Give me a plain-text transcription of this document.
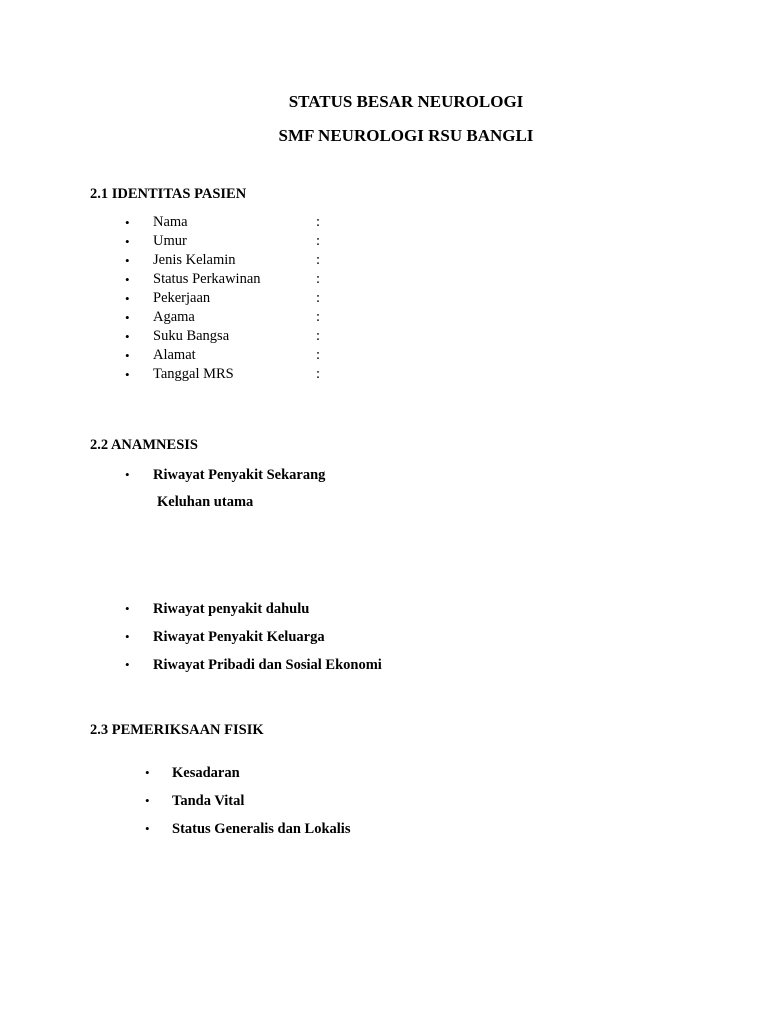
STATUS BESAR NEUROLOGI
SMF NEUROLOGI RSU BANGLI
2.1 IDENTITAS PASIEN
• Nama	:
• Umur	:
• Jenis Kelamin	:
• Status Perkawinan	:
• Pekerjaan	:
• Agama	:
• Suku Bangsa	:
• Alamat	:
• Tanggal MRS	:
2.2 ANAMNESIS
• Riwayat Penyakit Sekarang
Keluhan utama
• Riwayat penyakit dahulu
• Riwayat Penyakit Keluarga
• Riwayat Pribadi dan Sosial Ekonomi
2.3 PEMERIKSAAN FISIK
• Kesadaran
• Tanda Vital
• Status Generalis dan Lokalis
